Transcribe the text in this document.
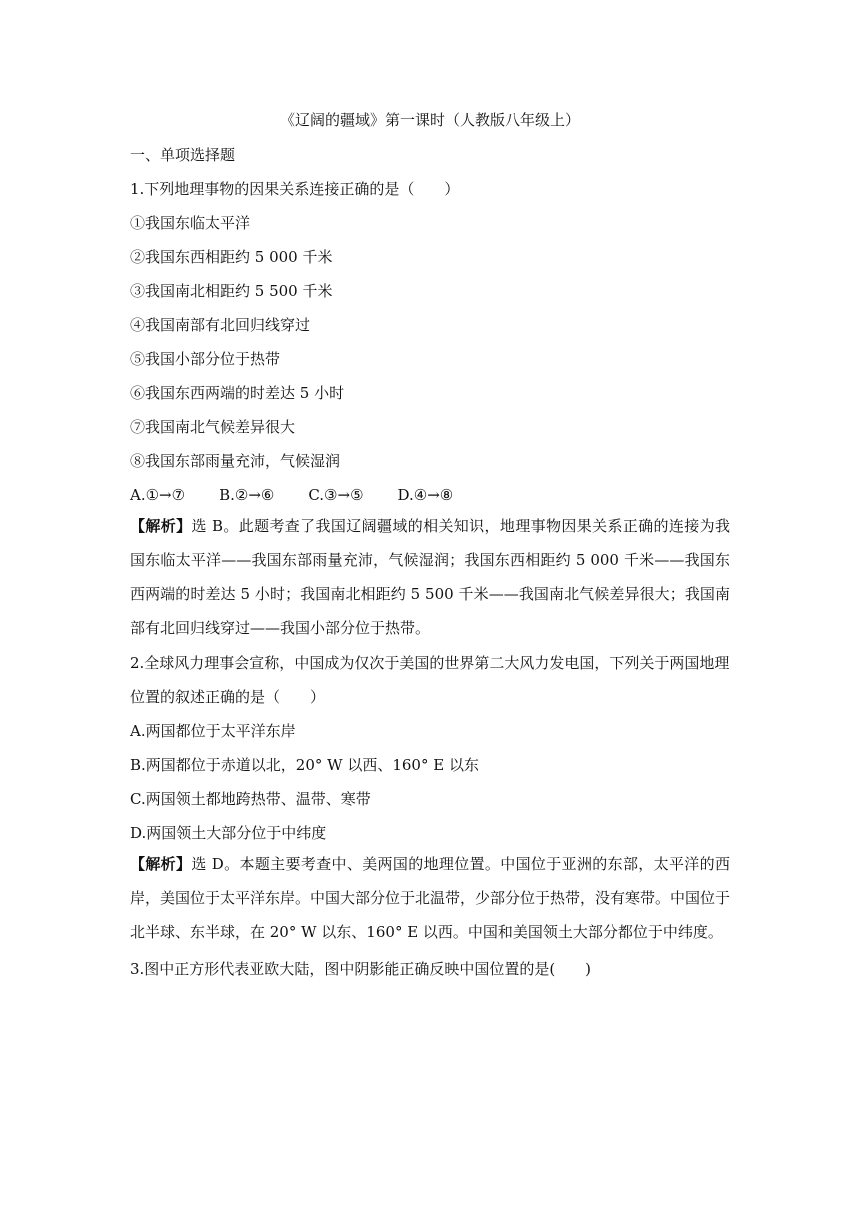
《辽阔的疆域》第一课时（人教版八年级上）
一、单项选择题
1.下列地理事物的因果关系连接正确的是（　　）
①我国东临太平洋
②我国东西相距约 5 000 千米
③我国南北相距约 5 500 千米
④我国南部有北回归线穿过
⑤我国小部分位于热带
⑥我国东西两端的时差达 5 小时
⑦我国南北气候差异很大
⑧我国东部雨量充沛，气候湿润
A.①→⑦ B.②→⑥ C.③→⑤ D.④→⑧
【解析】选 B。此题考查了我国辽阔疆域的相关知识，地理事物因果关系正确的连接为我国东临太平洋——我国东部雨量充沛，气候湿润；我国东西相距约 5 000 千米——我国东西两端的时差达 5 小时；我国南北相距约 5 500 千米——我国南北气候差异很大；我国南部有北回归线穿过——我国小部分位于热带。
2.全球风力理事会宣称，中国成为仅次于美国的世界第二大风力发电国，下列关于两国地理
位置的叙述正确的是（　　）
A.两国都位于太平洋东岸
B.两国都位于赤道以北，20° W 以西、160° E 以东
C.两国领土都地跨热带、温带、寒带
D.两国领土大部分位于中纬度
【解析】选 D。本题主要考查中、美两国的地理位置。中国位于亚洲的东部，太平洋的西岸，美国位于太平洋东岸。中国大部分位于北温带，少部分位于热带，没有寒带。中国位于北半球、东半球，在 20° W 以东、160° E 以西。中国和美国领土大部分都位于中纬度。
3.图中正方形代表亚欧大陆，图中阴影能正确反映中国位置的是(　　)
